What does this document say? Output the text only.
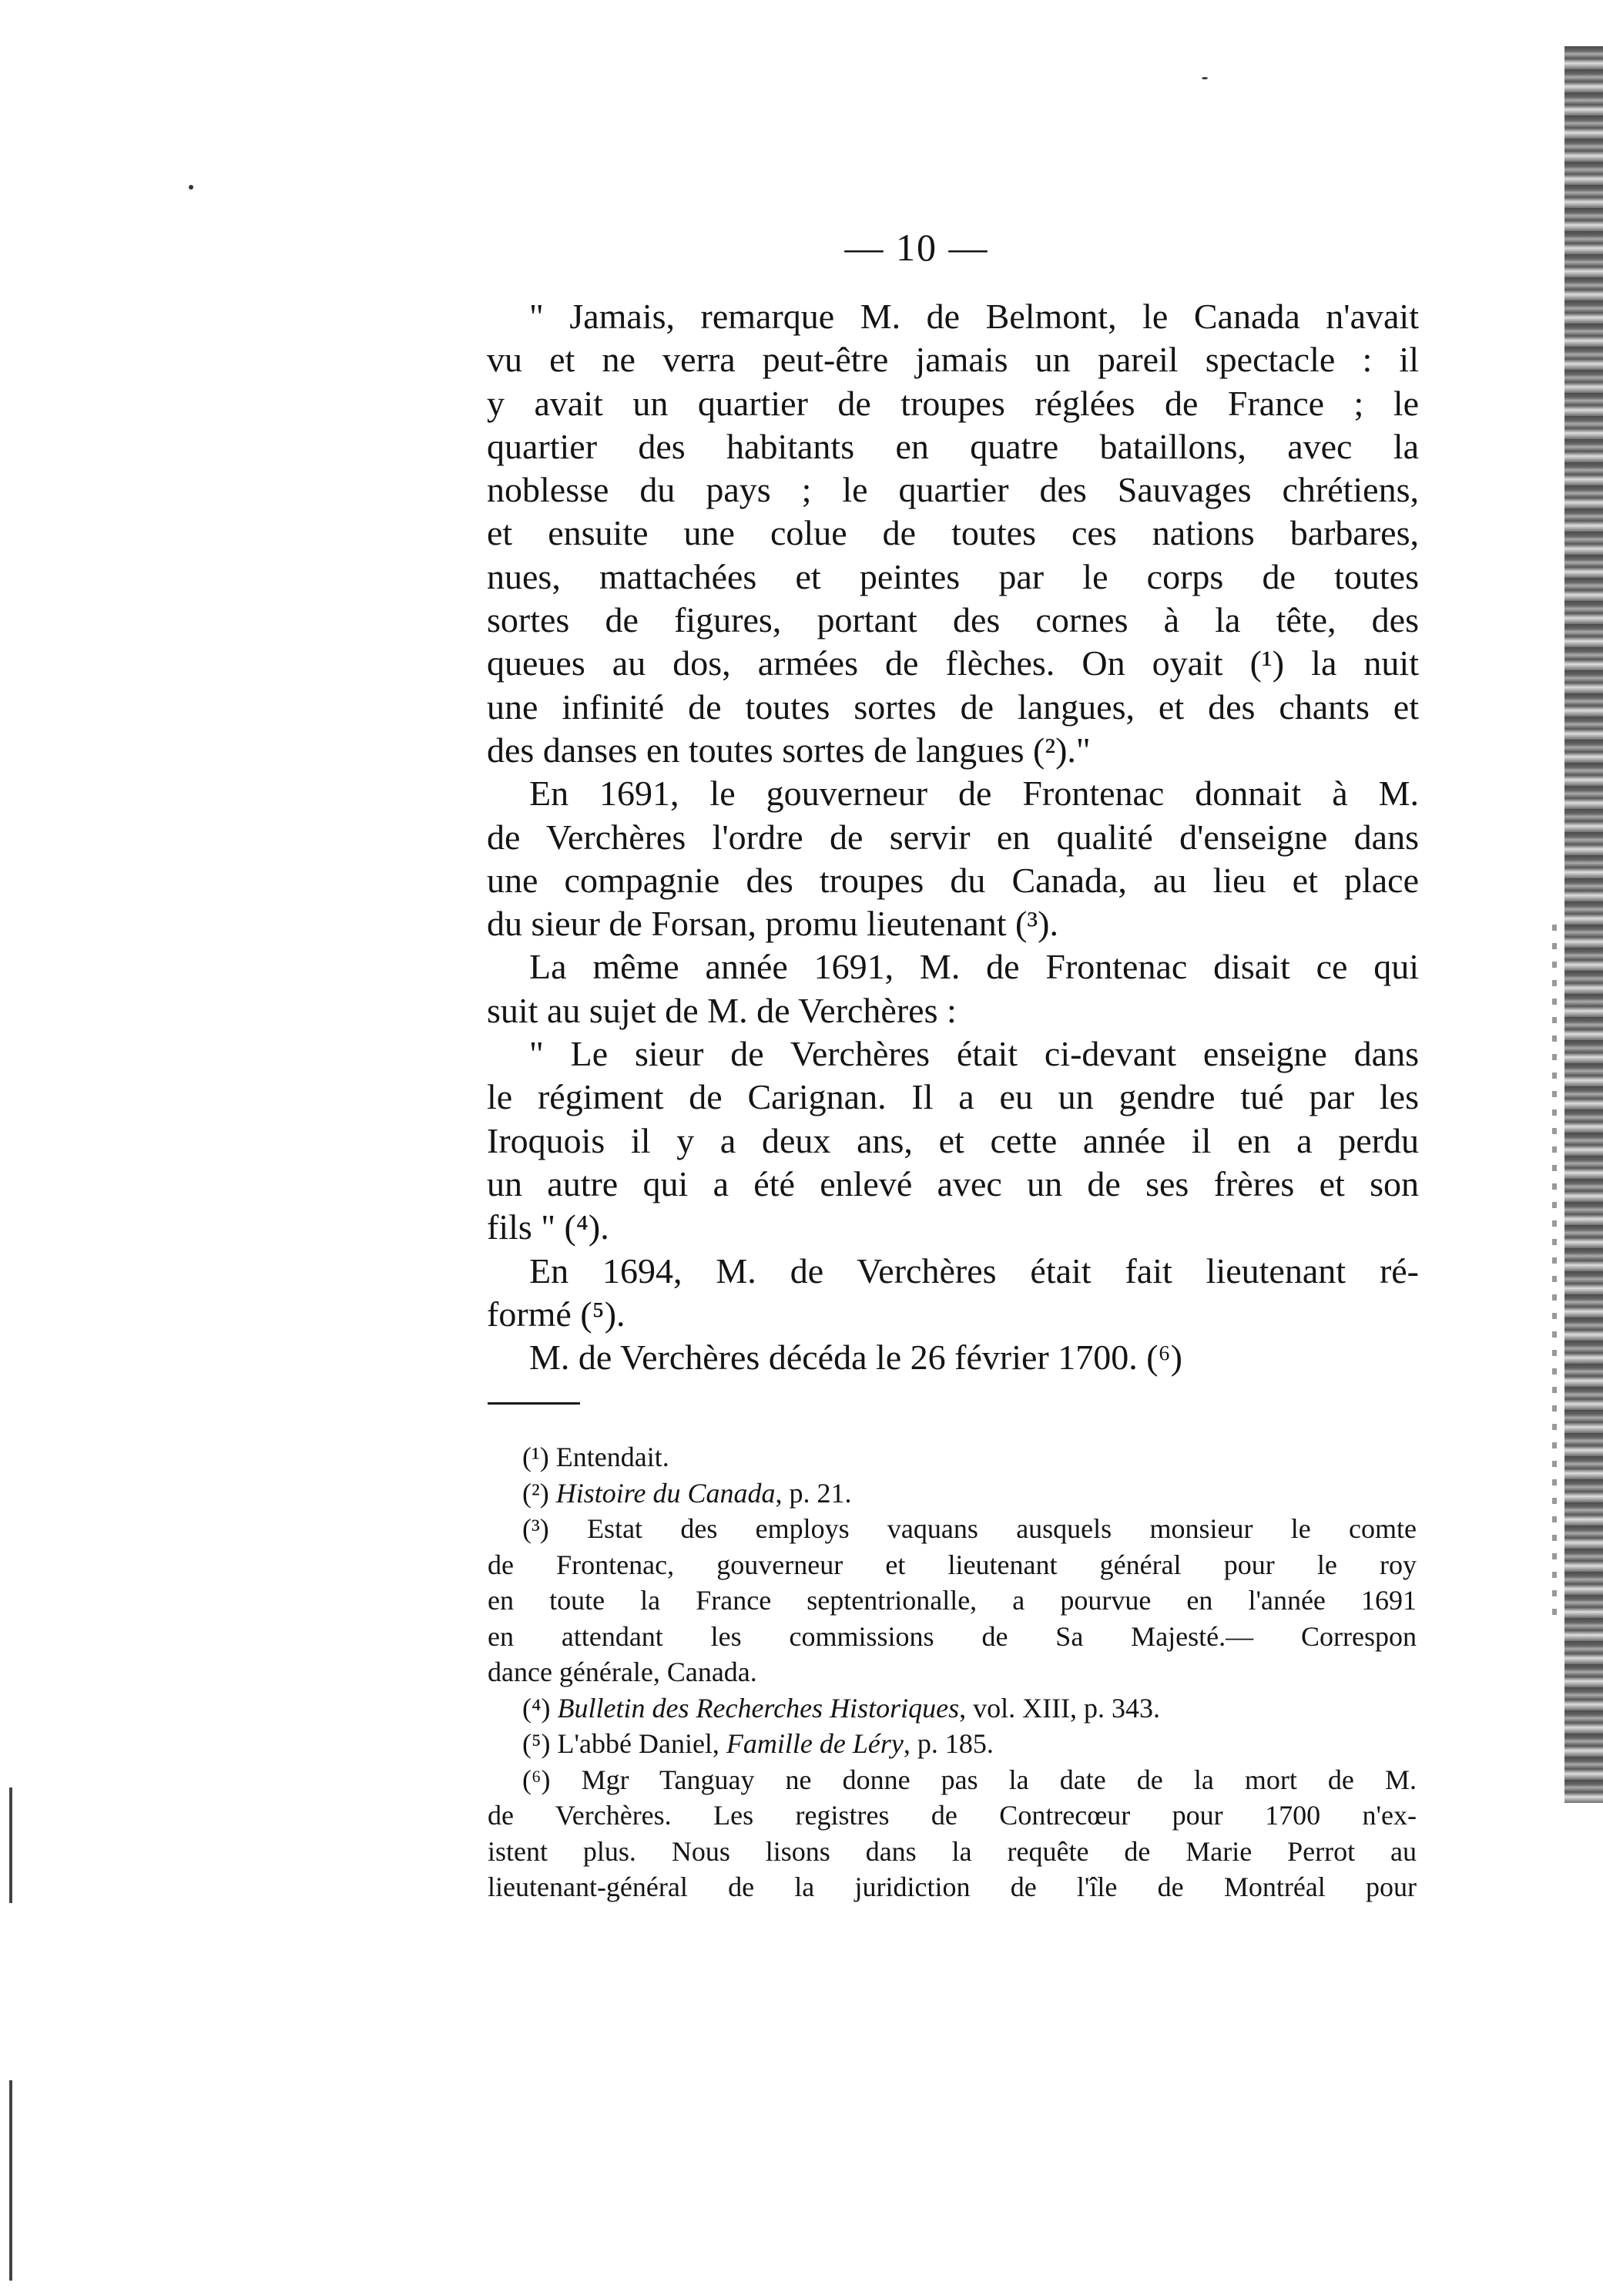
— 10 —
" Jamais, remarque M. de Belmont, le Canada n'avait
vu et ne verra peut-être jamais un pareil spectacle : il
y avait un quartier de troupes réglées de France ; le
quartier des habitants en quatre bataillons, avec la
noblesse du pays ; le quartier des Sauvages chrétiens,
et ensuite une colue de toutes ces nations barbares,
nues, mattachées et peintes par le corps de toutes
sortes de figures, portant des cornes à la tête, des
queues au dos, armées de flèches. On oyait (¹) la nuit
une infinité de toutes sortes de langues, et des chants et
des danses en toutes sortes de langues (²)."
En 1691, le gouverneur de Frontenac donnait à M.
de Verchères l'ordre de servir en qualité d'enseigne dans
une compagnie des troupes du Canada, au lieu et place
du sieur de Forsan, promu lieutenant (³).
La même année 1691, M. de Frontenac disait ce qui
suit au sujet de M. de Verchères :
" Le sieur de Verchères était ci-devant enseigne dans
le régiment de Carignan. Il a eu un gendre tué par les
Iroquois il y a deux ans, et cette année il en a perdu
un autre qui a été enlevé avec un de ses frères et son
fils " (⁴).
En 1694, M. de Verchères était fait lieutenant ré-
formé (⁵).
M. de Verchères décéda le 26 février 1700. (⁶)
(¹) Entendait.
(²) Histoire du Canada, p. 21.
(³) Estat des employs vaquans ausquels monsieur le comte
de Frontenac, gouverneur et lieutenant général pour le roy
en toute la France septentrionalle, a pourvue en l'année 1691
en attendant les commissions de Sa Majesté.— Correspon
dance générale, Canada.
(⁴) Bulletin des Recherches Historiques, vol. XIII, p. 343.
(⁵) L'abbé Daniel, Famille de Léry, p. 185.
(⁶) Mgr Tanguay ne donne pas la date de la mort de M.
de Verchères. Les registres de Contrecœur pour 1700 n'ex-
istent plus. Nous lisons dans la requête de Marie Perrot au
lieutenant-général de la juridiction de l'île de Montréal pour
